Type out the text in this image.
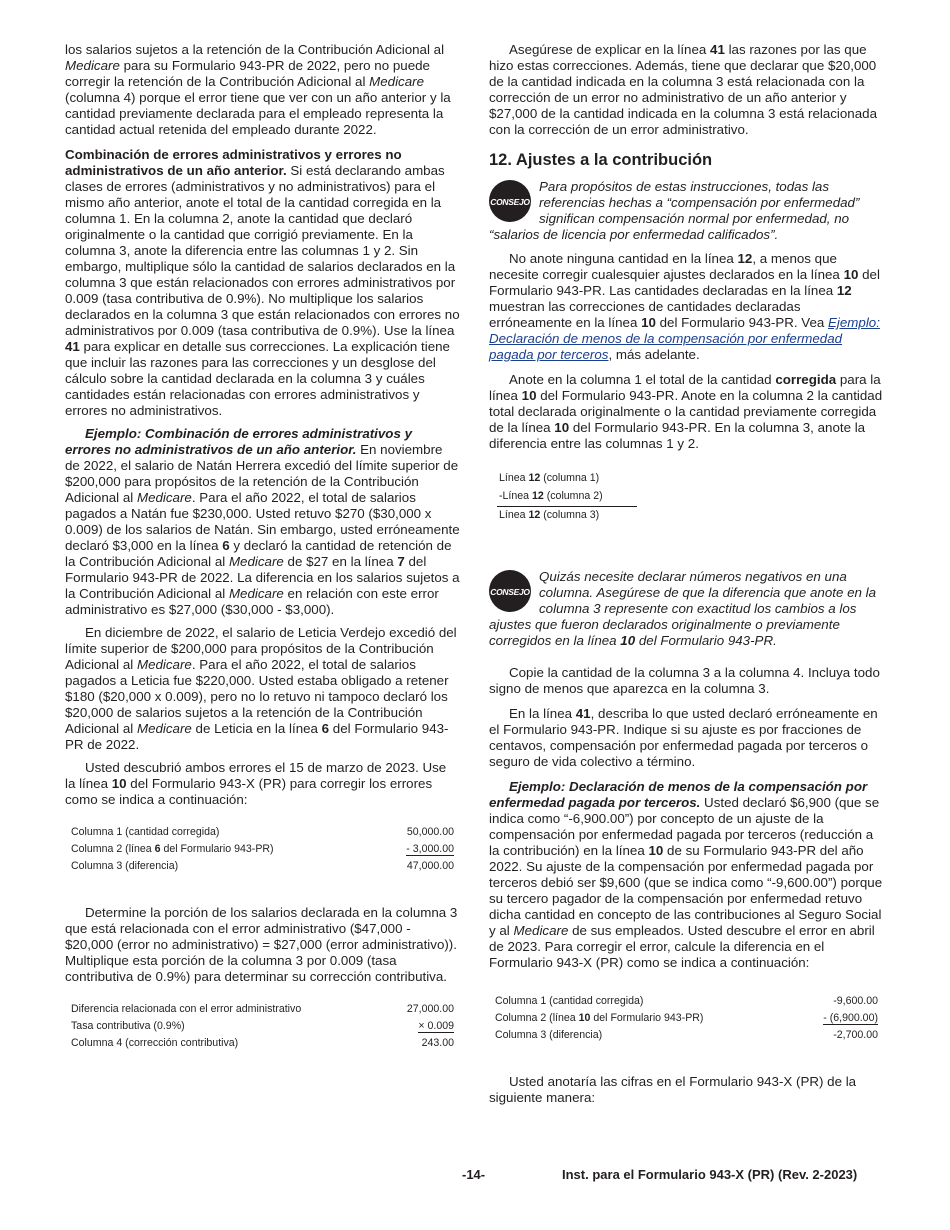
los salarios sujetos a la retención de la Contribución Adicional al Medicare para su Formulario 943-PR de 2022, pero no puede corregir la retención de la Contribución Adicional al Medicare (columna 4) porque el error tiene que ver con un año anterior y la cantidad previamente declarada para el empleado representa la cantidad actual retenida del empleado durante 2022.

Combinación de errores administrativos y errores no administrativos de un año anterior. Si está declarando ambas clases de errores (administrativos y no administrativos) para el mismo año anterior, anote el total de la cantidad corregida en la columna 1. En la columna 2, anote la cantidad que declaró originalmente o la cantidad que corrigió previamente. En la columna 3, anote la diferencia entre las columnas 1 y 2. Sin embargo, multiplique sólo la cantidad de salarios declarados en la columna 3 que están relacionados con errores administrativos por 0.009 (tasa contributiva de 0.9%). No multiplique los salarios declarados en la columna 3 que están relacionados con errores no administrativos por 0.009 (tasa contributiva de 0.9%). Use la línea 41 para explicar en detalle sus correcciones. La explicación tiene que incluir las razones para las correcciones y un desglose del cálculo sobre la cantidad declarada en la columna 3 y cuáles cantidades están relacionadas con errores administrativos y errores no administrativos.

Ejemplo: Combinación de errores administrativos y errores no administrativos de un año anterior. En noviembre de 2022, el salario de Natán Herrera excedió del límite superior de $200,000 para propósitos de la retención de la Contribución Adicional al Medicare. Para el año 2022, el total de salarios pagados a Natán fue $230,000. Usted retuvo $270 ($30,000 x 0.009) de los salarios de Natán. Sin embargo, usted erróneamente declaró $3,000 en la línea 6 y declaró la cantidad de retención de la Contribución Adicional al Medicare de $27 en la línea 7 del Formulario 943-PR de 2022. La diferencia en los salarios sujetos a la Contribución Adicional al Medicare en relación con este error administrativo es $27,000 ($30,000 - $3,000).

En diciembre de 2022, el salario de Leticia Verdejo excedió del límite superior de $200,000 para propósitos de la Contribución Adicional al Medicare. Para el año 2022, el total de salarios pagados a Leticia fue $220,000. Usted estaba obligado a retener $180 ($20,000 x 0.009), pero no lo retuvo ni tampoco declaró los $20,000 de salarios sujetos a la retención de la Contribución Adicional al Medicare de Leticia en la línea 6 del Formulario 943-PR de 2022.

Usted descubrió ambos errores el 15 de marzo de 2023. Use la línea 10 del Formulario 943-X (PR) para corregir los errores como se indica a continuación:

Columna 1 (cantidad corregida)	50,000.00
Columna 2 (línea 6 del Formulario 943-PR)	- 3,000.00
Columna 3 (diferencia)	47,000.00

Determine la porción de los salarios declarada en la columna 3 que está relacionada con el error administrativo ($47,000 - $20,000 (error no administrativo) = $27,000 (error administrativo)). Multiplique esta porción de la columna 3 por 0.009 (tasa contributiva de 0.9%) para determinar su corrección contributiva.

Diferencia relacionada con el error administrativo	27,000.00
Tasa contributiva (0.9%)	× 0.009
Columna 4 (corrección contributiva)	243.00

Asegúrese de explicar en la línea 41 las razones por las que hizo estas correcciones. Además, tiene que declarar que $20,000 de la cantidad indicada en la columna 3 está relacionada con la corrección de un error no administrativo de un año anterior y $27,000 de la cantidad indicada en la columna 3 está relacionada con la corrección de un error administrativo.

12. Ajustes a la contribución
CONSEJO
Para propósitos de estas instrucciones, todas las referencias hechas a “compensación por enfermedad” significan compensación normal por enfermedad, no “salarios de licencia por enfermedad calificados”.

No anote ninguna cantidad en la línea 12, a menos que necesite corregir cualesquier ajustes declarados en la línea 10 del Formulario 943-PR. Las cantidades declaradas en la línea 12 muestran las correcciones de cantidades declaradas erróneamente en la línea 10 del Formulario 943-PR. Vea Ejemplo: Declaración de menos de la compensación por enfermedad pagada por terceros, más adelante.

Anote en la columna 1 el total de la cantidad corregida para la línea 10 del Formulario 943-PR. Anote en la columna 2 la cantidad total declarada originalmente o la cantidad previamente corregida de la línea 10 del Formulario 943-PR. En la columna 3, anote la diferencia entre las columnas 1 y 2.

Línea 12 (columna 1)
-Línea 12 (columna 2)
Línea 12 (columna 3)
CONSEJO
Quizás necesite declarar números negativos en una columna. Asegúrese de que la diferencia que anote en la columna 3 represente con exactitud los cambios a los ajustes que fueron declarados originalmente o previamente corregidos en la línea 10 del Formulario 943-PR.

Copie la cantidad de la columna 3 a la columna 4. Incluya todo signo de menos que aparezca en la columna 3.

En la línea 41, describa lo que usted declaró erróneamente en el Formulario 943-PR. Indique si su ajuste es por fracciones de centavos, compensación por enfermedad pagada por terceros o seguro de vida colectivo a término.

Ejemplo: Declaración de menos de la compensación por enfermedad pagada por terceros. Usted declaró $6,900 (que se indica como “-6,900.00”) por concepto de un ajuste de la compensación por enfermedad pagada por terceros (reducción a la contribución) en la línea 10 de su Formulario 943-PR del año 2022. Su ajuste de la compensación por enfermedad pagada por terceros debió ser $9,600 (que se indica como “-9,600.00”) porque su tercero pagador de la compensación por enfermedad retuvo dicha cantidad en concepto de las contribuciones al Seguro Social y al Medicare de sus empleados. Usted descubre el error en abril de 2023. Para corregir el error, calcule la diferencia en el Formulario 943-X (PR) como se indica a continuación:

Columna 1 (cantidad corregida)	-9,600.00
Columna 2 (línea 10 del Formulario 943-PR)	- (6,900.00)
Columna 3 (diferencia)	-2,700.00

Usted anotaría las cifras en el Formulario 943-X (PR) de la siguiente manera:

-14-	Inst. para el Formulario 943-X (PR) (Rev. 2-2023)
